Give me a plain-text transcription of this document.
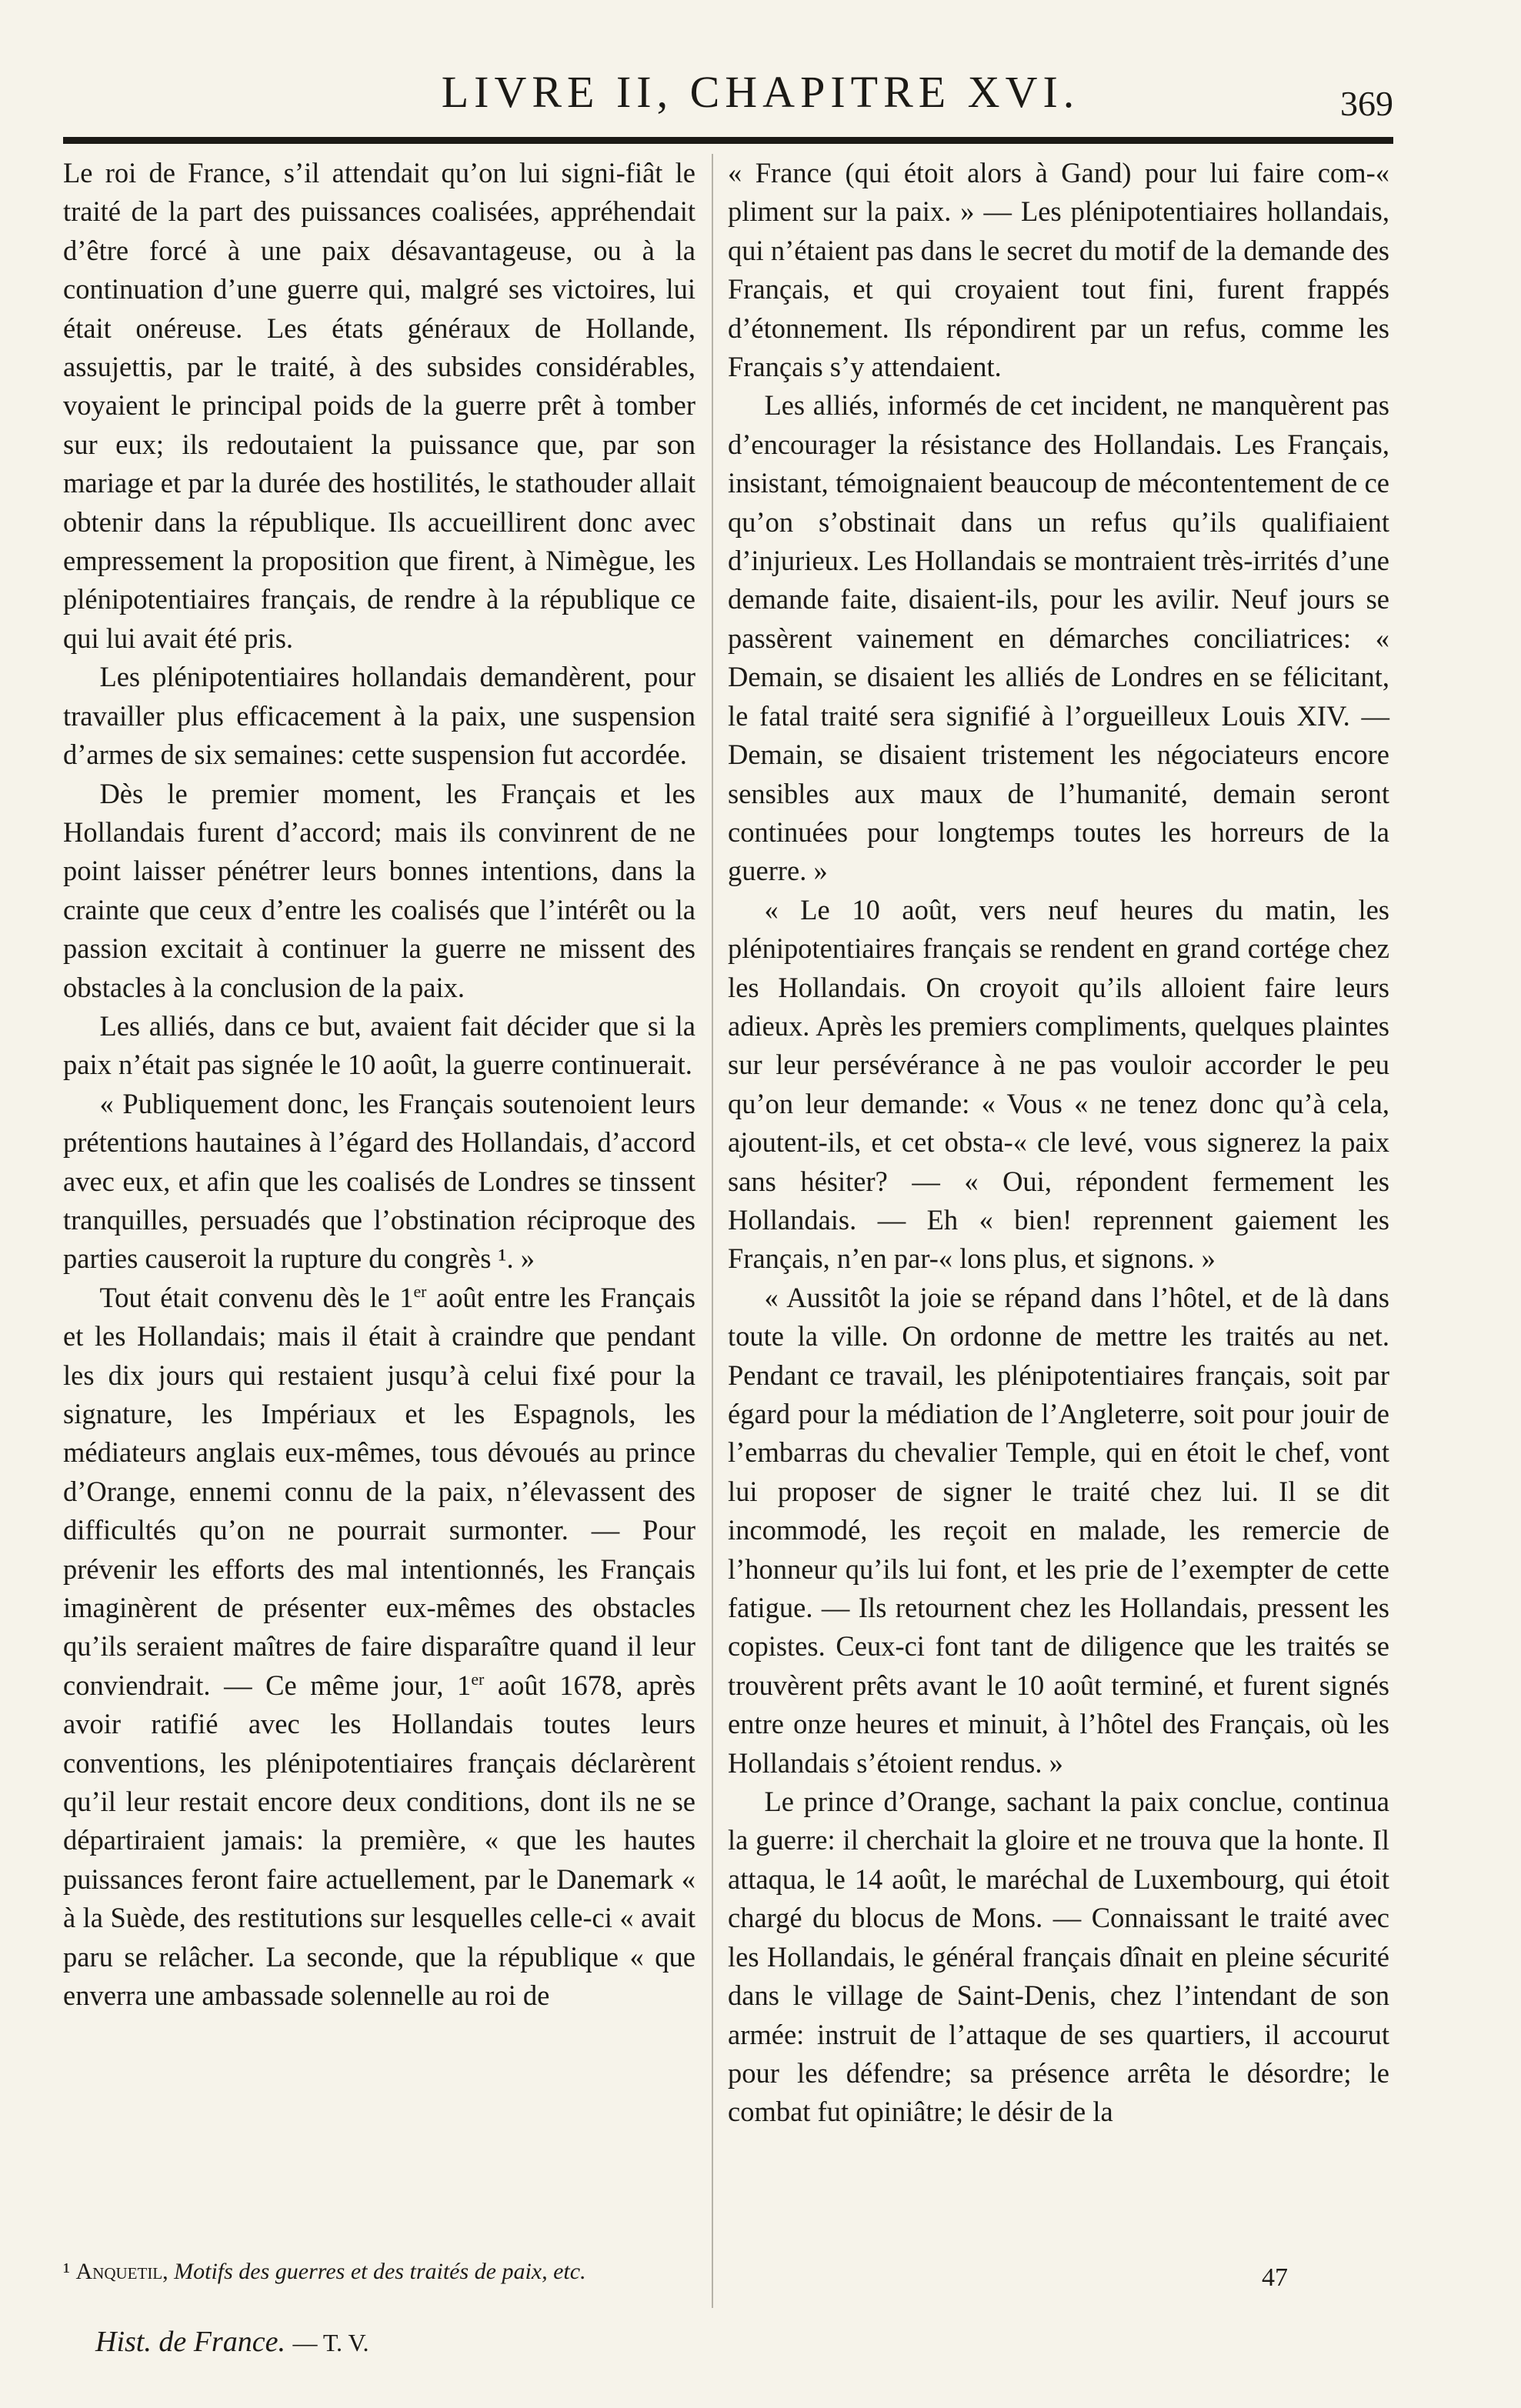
LIVRE II, CHAPITRE XVI.	369

Le roi de France, s’il attendait qu’on lui signi-fiât le traité de la part des puissances coalisées, appréhendait d’être forcé à une paix désavantageuse, ou à la continuation d’une guerre qui, malgré ses victoires, lui était onéreuse. Les états généraux de Hollande, assujettis, par le traité, à des subsides considérables, voyaient le principal poids de la guerre prêt à tomber sur eux; ils redoutaient la puissance que, par son mariage et par la durée des hostilités, le stathouder allait obtenir dans la république. Ils accueillirent donc avec empressement la proposition que firent, à Nimègue, les plénipotentiaires français, de rendre à la république ce qui lui avait été pris.

Les plénipotentiaires hollandais demandèrent, pour travailler plus efficacement à la paix, une suspension d’armes de six semaines: cette suspension fut accordée.

Dès le premier moment, les Français et les Hollandais furent d’accord; mais ils convinrent de ne point laisser pénétrer leurs bonnes intentions, dans la crainte que ceux d’entre les coalisés que l’intérêt ou la passion excitait à continuer la guerre ne missent des obstacles à la conclusion de la paix.

Les alliés, dans ce but, avaient fait décider que si la paix n’était pas signée le 10 août, la guerre continuerait.

« Publiquement donc, les Français soutenoient leurs prétentions hautaines à l’égard des Hollandais, d’accord avec eux, et afin que les coalisés de Londres se tinssent tranquilles, persuadés que l’obstination réciproque des parties causeroit la rupture du congrès ¹. »

Tout était convenu dès le 1er août entre les Français et les Hollandais; mais il était à craindre que pendant les dix jours qui restaient jusqu’à celui fixé pour la signature, les Impériaux et les Espagnols, les médiateurs anglais eux-mêmes, tous dévoués au prince d’Orange, ennemi connu de la paix, n’élevassent des difficultés qu’on ne pourrait surmonter. — Pour prévenir les efforts des mal intentionnés, les Français imaginèrent de présenter eux-mêmes des obstacles qu’ils seraient maîtres de faire disparaître quand il leur conviendrait. — Ce même jour, 1er août 1678, après avoir ratifié avec les Hollandais toutes leurs conventions, les plénipotentiaires français déclarèrent qu’il leur restait encore deux conditions, dont ils ne se départiraient jamais: la première, « que les hautes puissances feront faire actuellement, par le Danemark « à la Suède, des restitutions sur lesquelles celle-ci « avait paru se relâcher. La seconde, que la république « que enverra une ambassade solennelle au roi de

« France (qui étoit alors à Gand) pour lui faire com-« pliment sur la paix. » — Les plénipotentiaires hollandais, qui n’étaient pas dans le secret du motif de la demande des Français, et qui croyaient tout fini, furent frappés d’étonnement. Ils répondirent par un refus, comme les Français s’y attendaient.

Les alliés, informés de cet incident, ne manquèrent pas d’encourager la résistance des Hollandais. Les Français, insistant, témoignaient beaucoup de mécontentement de ce qu’on s’obstinait dans un refus qu’ils qualifiaient d’injurieux. Les Hollandais se montraient très-irrités d’une demande faite, disaient-ils, pour les avilir. Neuf jours se passèrent vainement en démarches conciliatrices: « Demain, se disaient les alliés de Londres en se félicitant, le fatal traité sera signifié à l’orgueilleux Louis XIV. — Demain, se disaient tristement les négociateurs encore sensibles aux maux de l’humanité, demain seront continuées pour longtemps toutes les horreurs de la guerre. »

« Le 10 août, vers neuf heures du matin, les plénipotentiaires français se rendent en grand cortége chez les Hollandais. On croyoit qu’ils alloient faire leurs adieux. Après les premiers compliments, quelques plaintes sur leur persévérance à ne pas vouloir accorder le peu qu’on leur demande: « Vous « ne tenez donc qu’à cela, ajoutent-ils, et cet obsta-« cle levé, vous signerez la paix sans hésiter? — « Oui, répondent fermement les Hollandais. — Eh « bien! reprennent gaiement les Français, n’en par-« lons plus, et signons. »

« Aussitôt la joie se répand dans l’hôtel, et de là dans toute la ville. On ordonne de mettre les traités au net. Pendant ce travail, les plénipotentiaires français, soit par égard pour la médiation de l’Angleterre, soit pour jouir de l’embarras du chevalier Temple, qui en étoit le chef, vont lui proposer de signer le traité chez lui. Il se dit incommodé, les reçoit en malade, les remercie de l’honneur qu’ils lui font, et les prie de l’exempter de cette fatigue. — Ils retournent chez les Hollandais, pressent les copistes. Ceux-ci font tant de diligence que les traités se trouvèrent prêts avant le 10 août terminé, et furent signés entre onze heures et minuit, à l’hôtel des Français, où les Hollandais s’étoient rendus. »

Le prince d’Orange, sachant la paix conclue, continua la guerre: il cherchait la gloire et ne trouva que la honte. Il attaqua, le 14 août, le maréchal de Luxembourg, qui étoit chargé du blocus de Mons. — Connaissant le traité avec les Hollandais, le général français dînait en pleine sécurité dans le village de Saint-Denis, chez l’intendant de son armée: instruit de l’attaque de ses quartiers, il accourut pour les défendre; sa présence arrêta le désordre; le combat fut opiniâtre; le désir de la

¹ Anquetil, Motifs des guerres et des traités de paix, etc.
Hist. de France. — T. V.
47
